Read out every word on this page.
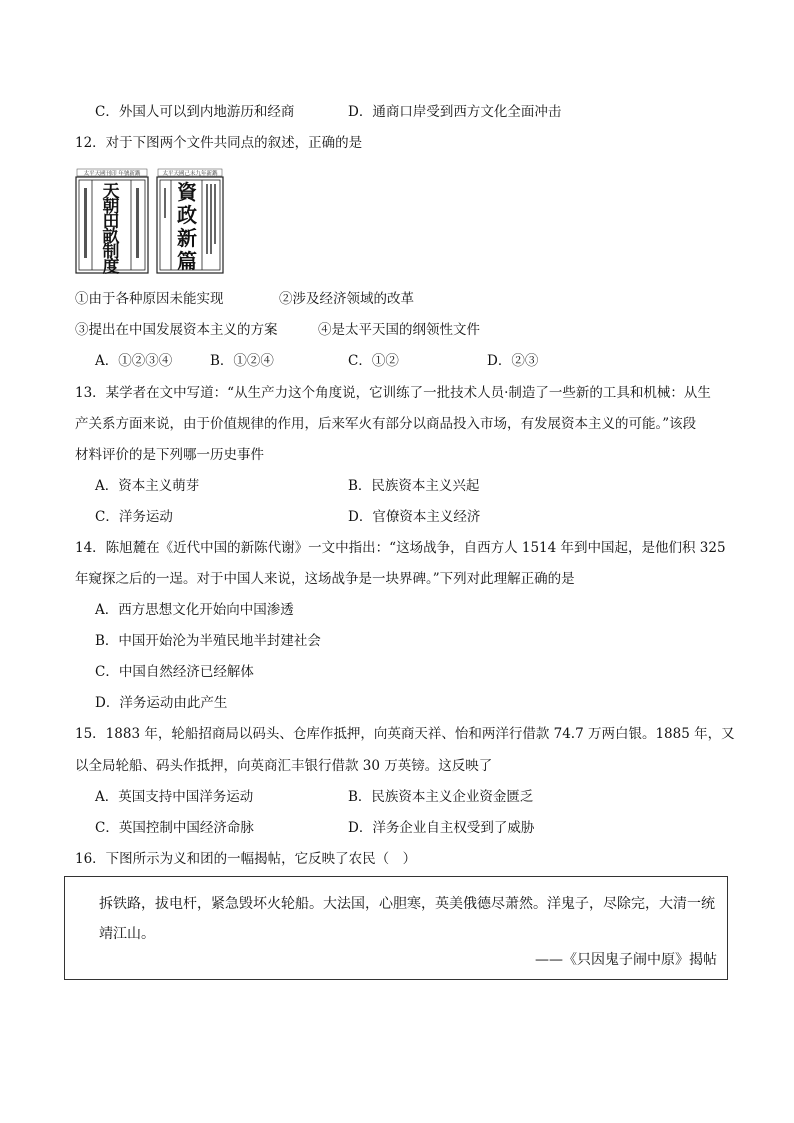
C．外国人可以到内地游历和经商	D．通商口岸受到西方文化全面冲击
12．对于下图两个文件共同点的叙述，正确的是
太平天國刊印 年號新鐫
天
朝
田
畝
制
度
太平天國己未九年新鐫
資
政
新
篇
①由于各种原因未能实现	②涉及经济领域的改革
③提出在中国发展资本主义的方案	④是太平天国的纲领性文件
A．①②③④	B．①②④	C．①②	D．②③
13．某学者在文中写道：“从生产力这个角度说，它训练了一批技术人员·制造了一些新的工具和机械：从生
产关系方面来说，由于价值规律的作用，后来军火有部分以商品投入市场，有发展资本主义的可能。”该段
材料评价的是下列哪一历史事件
A．资本主义萌芽	B．民族资本主义兴起
C．洋务运动	D．官僚资本主义经济
14．陈旭麓在《近代中国的新陈代谢》一文中指出：“这场战争，自西方人 1514 年到中国起，是他们积 325
年窥探之后的一逞。对于中国人来说，这场战争是一块界碑。”下列对此理解正确的是
A．西方思想文化开始向中国渗透
B．中国开始沦为半殖民地半封建社会
C．中国自然经济已经解体
D．洋务运动由此产生
15．1883 年，轮船招商局以码头、仓库作抵押，向英商天祥、怡和两洋行借款 74.7 万两白银。1885 年，又
以全局轮船、码头作抵押，向英商汇丰银行借款 30 万英镑。这反映了
A．英国支持中国洋务运动	B．民族资本主义企业资金匮乏
C．英国控制中国经济命脉	D．洋务企业自主权受到了威胁
16．下图所示为义和团的一幅揭帖，它反映了农民（　）
拆铁路，拔电杆，紧急毁坏火轮船。大法国，心胆寒，英美俄德尽萧然。洋鬼子，尽除完，大清一统靖江山。
——《只因鬼子闹中原》揭帖
